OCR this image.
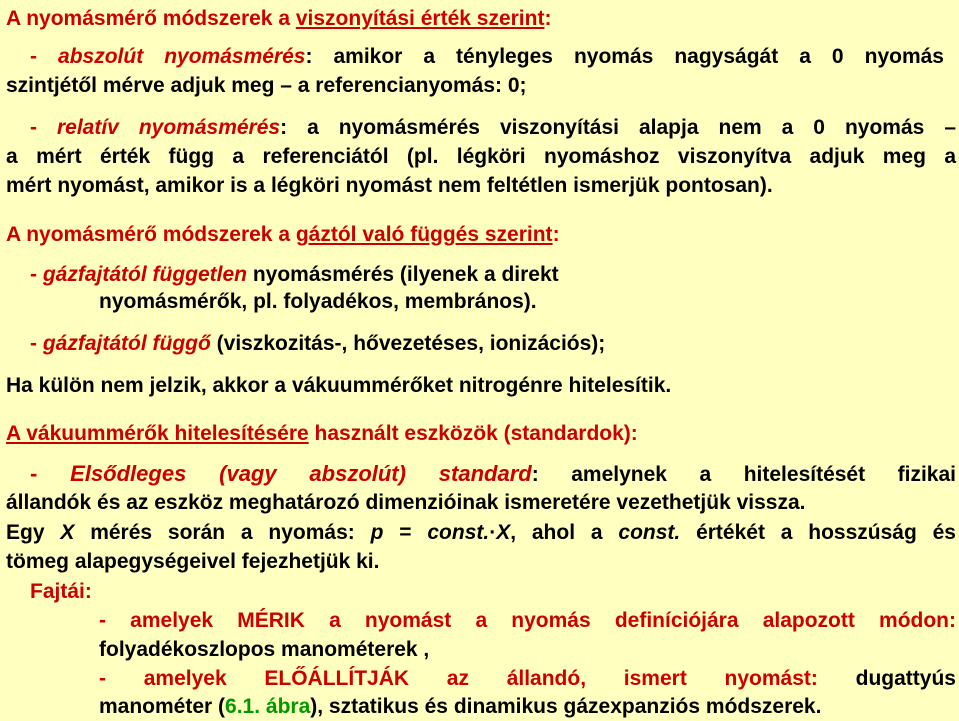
A nyomásmérő módszerek a viszonyítási érték szerint:
- abszolút nyomásmérés: amikor a tényleges nyomás nagyságát a 0 nyomás
szintjétől mérve adjuk meg – a referencianyomás: 0;
- relatív nyomásmérés: a nyomásmérés viszonyítási alapja nem a 0 nyomás –
a mért érték függ a referenciától (pl. légköri nyomáshoz viszonyítva adjuk meg a
mért nyomást, amikor is a légköri nyomást nem feltétlen ismerjük pontosan).
A nyomásmérő módszerek a gáztól való függés szerint:
- gázfajtától független nyomásmérés (ilyenek a direkt
nyomásmérők, pl. folyadékos, membrános).
- gázfajtától függő (viszkozitás-, hővezetéses, ionizációs);
Ha külön nem jelzik, akkor a vákuummérőket nitrogénre hitelesítik.
A vákuummérők hitelesítésére használt eszközök (standardok):
- Elsődleges (vagy abszolút) standard: amelynek a hitelesítését fizikai
állandók és az eszköz meghatározó dimenzióinak ismeretére vezethetjük vissza.
Egy X mérés során a nyomás: p = const.·X, ahol a const. értékét a hosszúság és
tömeg alapegységeivel fejezhetjük ki.
Fajtái:
- amelyek MÉRIK a nyomást a nyomás definíciójára alapozott módon:
folyadékoszlopos manométerek ,
- amelyek ELŐÁLLÍTJÁK az állandó, ismert nyomást: dugattyús
manométer (6.1. ábra), sztatikus és dinamikus gázexpanziós módszerek.
